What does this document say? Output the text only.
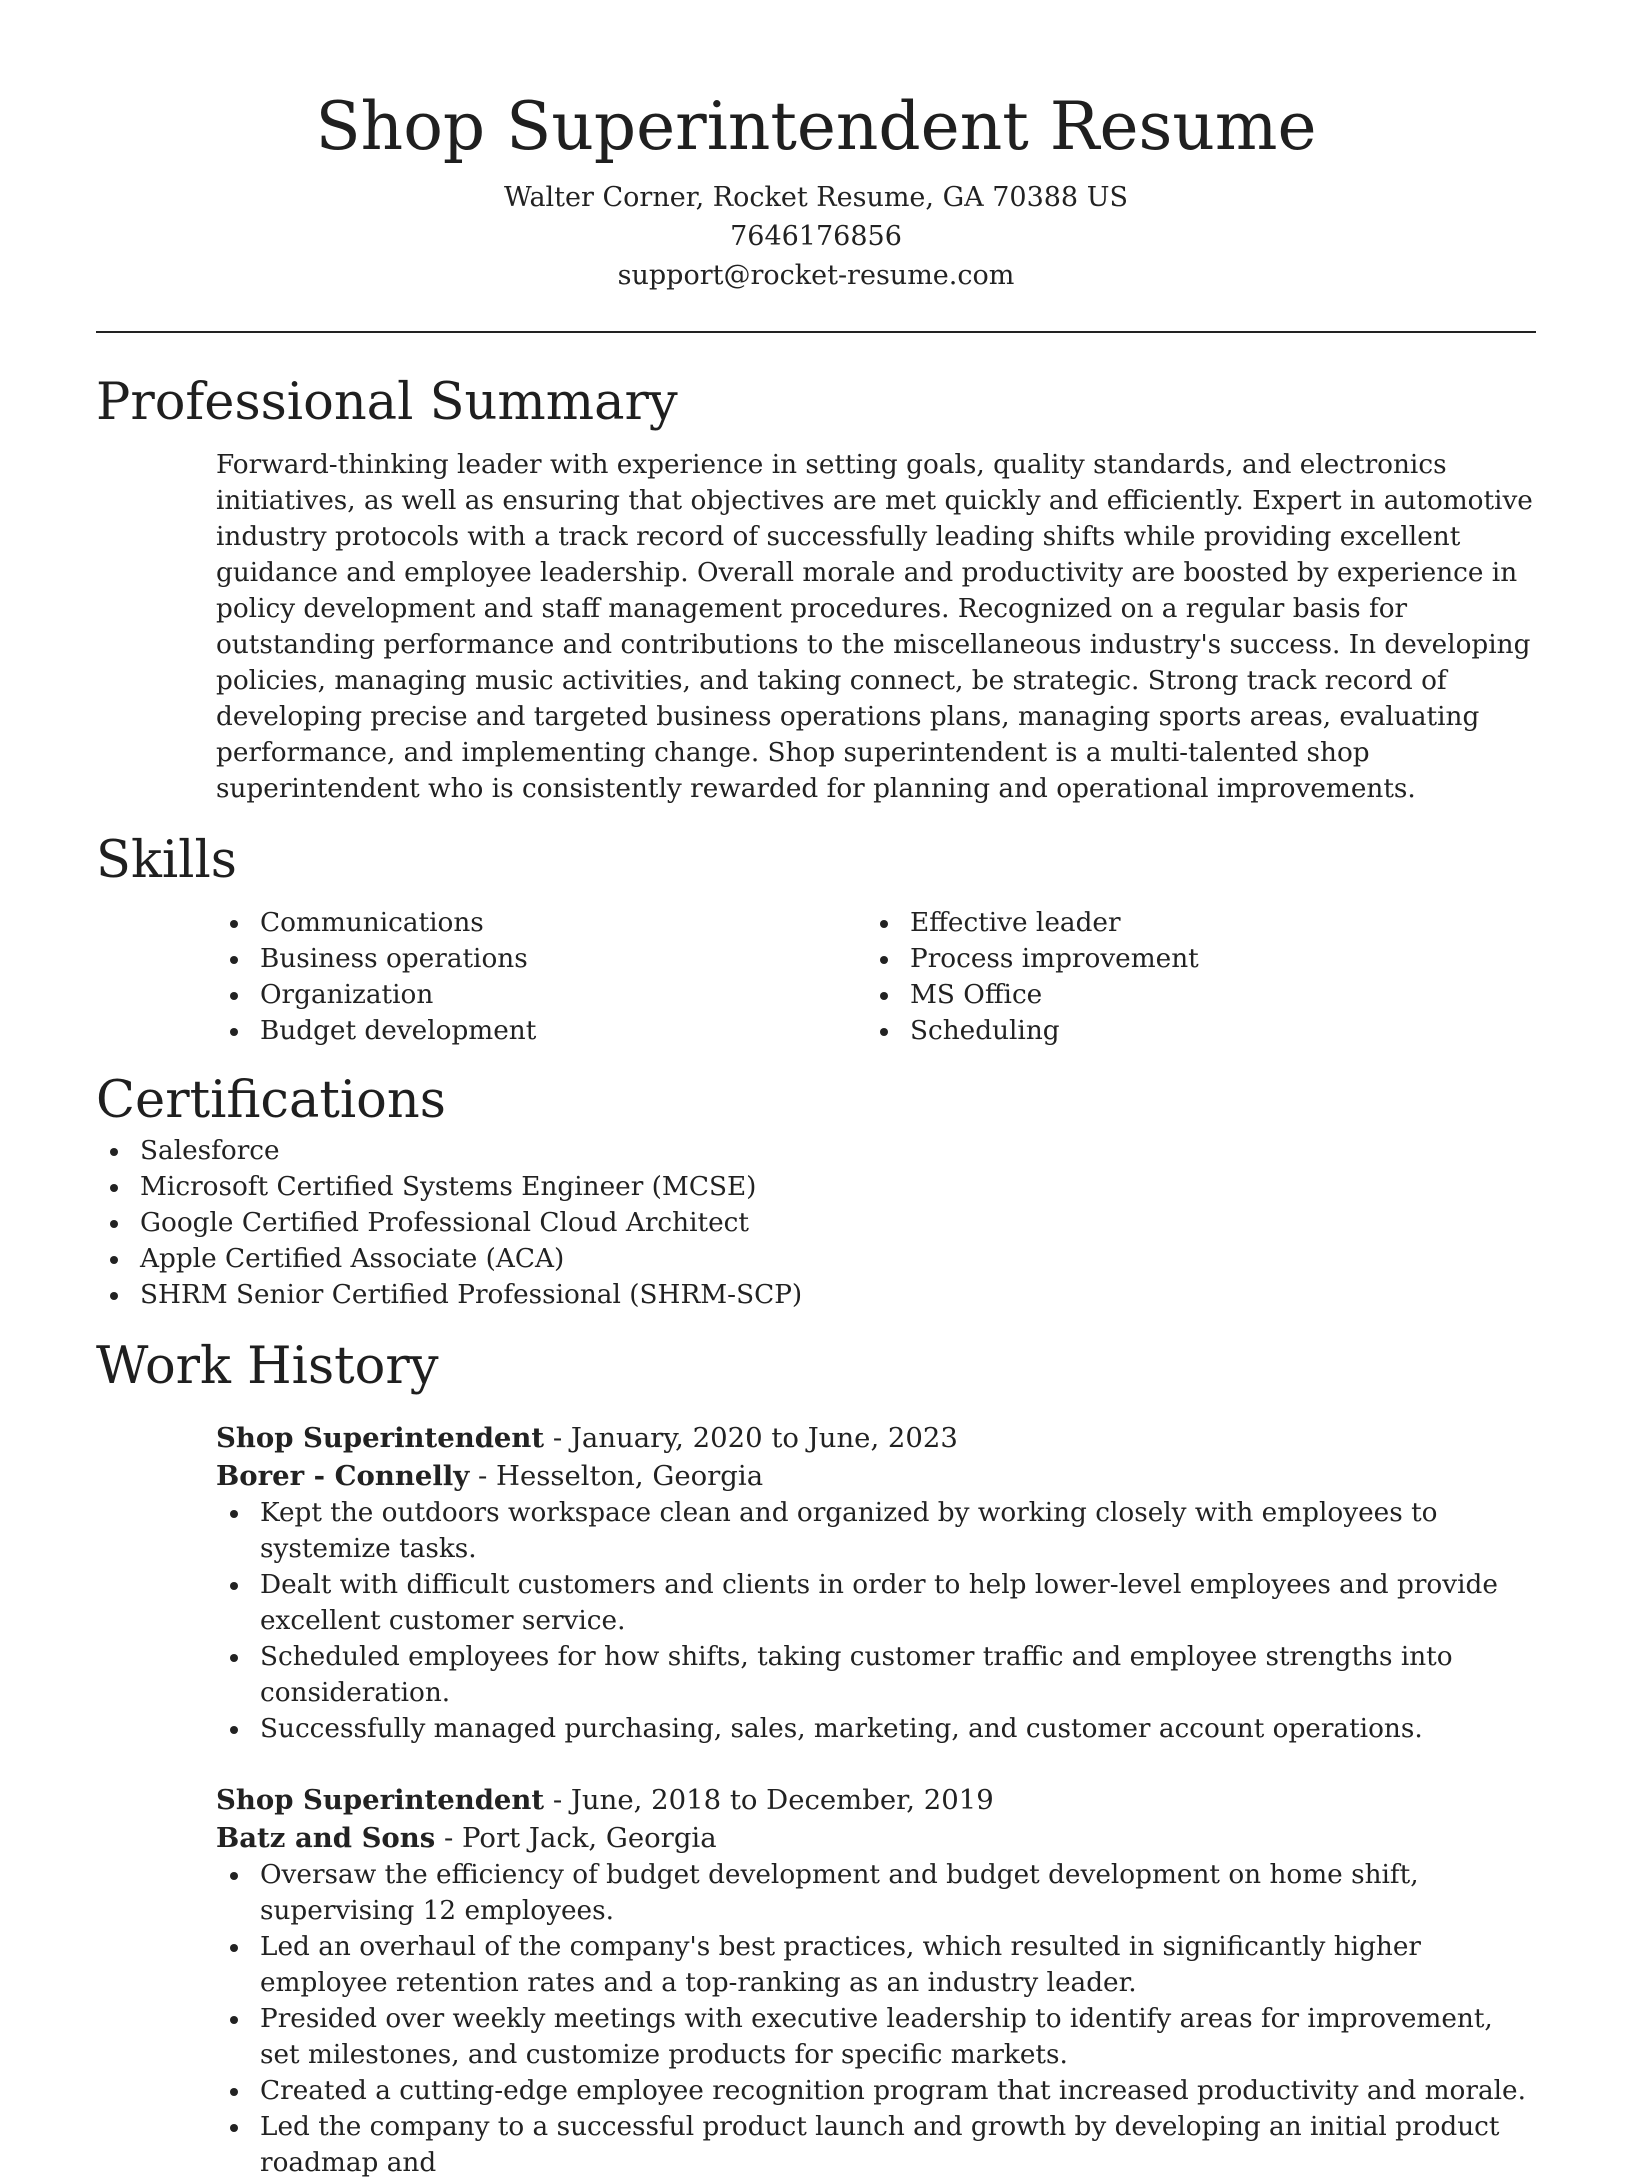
Shop Superintendent Resume
Walter Corner, Rocket Resume, GA 70388 US
7646176856
support@rocket-resume.com
Professional Summary

Forward-thinking leader with experience in setting goals, quality standards, and electronics initiatives, as well as ensuring that objectives are met quickly and efficiently. Expert in automotive industry protocols with a track record of successfully leading shifts while providing excellent guidance and employee leadership. Overall morale and productivity are boosted by experience in policy development and staff management procedures. Recognized on a regular basis for outstanding performance and contributions to the miscellaneous industry's success. In developing policies, managing music activities, and taking connect, be strategic. Strong track record of developing precise and targeted business operations plans, managing sports areas, evaluating performance, and implementing change. Shop superintendent is a multi-talented shop superintendent who is consistently rewarded for planning and operational improvements.

Skills
Communications
Business operations
Organization
Budget development
Effective leader
Process improvement
MS Office
Scheduling
Certifications
Salesforce
Microsoft Certified Systems Engineer (MCSE)
Google Certified Professional Cloud Architect
Apple Certified Associate (ACA)
SHRM Senior Certified Professional (SHRM-SCP)
Work History
Shop Superintendent - January, 2020 to June, 2023
Borer - Connelly - Hesselton, Georgia
Kept the outdoors workspace clean and organized by working closely with employees to systemize tasks.
Dealt with difficult customers and clients in order to help lower-level employees and provide excellent customer service.
Scheduled employees for how shifts, taking customer traffic and employee strengths into consideration.
Successfully managed purchasing, sales, marketing, and customer account operations.
Shop Superintendent - June, 2018 to December, 2019
Batz and Sons - Port Jack, Georgia
Oversaw the efficiency of budget development and budget development on home shift, supervising 12 employees.
Led an overhaul of the company's best practices, which resulted in significantly higher employee retention rates and a top-ranking as an industry leader.
Presided over weekly meetings with executive leadership to identify areas for improvement, set milestones, and customize products for specific markets.
Created a cutting-edge employee recognition program that increased productivity and morale.
Led the company to a successful product launch and growth by developing an initial product roadmap and
